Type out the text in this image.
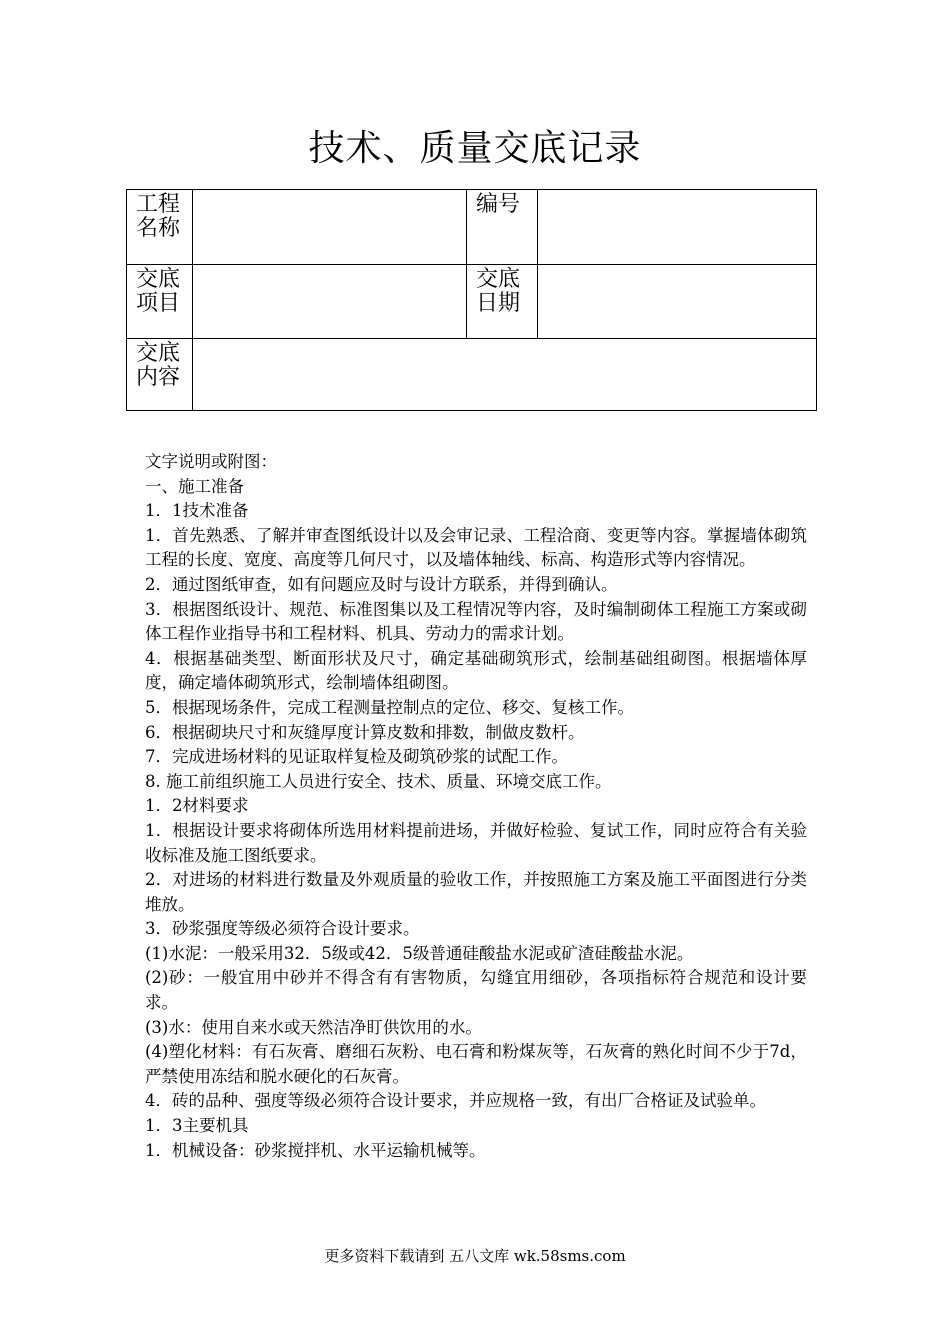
技术、质量交底记录
工程名称		编号	

交底项目		交底日期	

交底内容			

文字说明或附图：

一、施工准备

1．1技术准备

1．首先熟悉、了解并审查图纸设计以及会审记录、工程洽商、变更等内容。掌握墙体砌筑工程的长度、宽度、高度等几何尺寸，以及墙体轴线、标高、构造形式等内容情况。

2．通过图纸审查，如有问题应及时与设计方联系，并得到确认。

3．根据图纸设计、规范、标准图集以及工程情况等内容，及时编制砌体工程施工方案或砌体工程作业指导书和工程材料、机具、劳动力的需求计划。

4．根据基础类型、断面形状及尺寸，确定基础砌筑形式，绘制基础组砌图。根据墙体厚度，确定墙体砌筑形式，绘制墙体组砌图。

5．根据现场条件，完成工程测量控制点的定位、移交、复核工作。

6．根据砌块尺寸和灰缝厚度计算皮数和排数，制做皮数杆。

7．完成进场材料的见证取样复检及砌筑砂浆的试配工作。

8. 施工前组织施工人员进行安全、技术、质量、环境交底工作。

1．2材料要求

1．根据设计要求将砌体所选用材料提前进场，并做好检验、复试工作，同时应符合有关验收标准及施工图纸要求。

2．对进场的材料进行数量及外观质量的验收工作，并按照施工方案及施工平面图进行分类堆放。

3．砂浆强度等级必须符合设计要求。

(1)水泥：一般采用32．5级或42．5级普通硅酸盐水泥或矿渣硅酸盐水泥。

(2)砂：一般宜用中砂并不得含有有害物质，勾缝宜用细砂，各项指标符合规范和设计要求。

(3)水：使用自来水或天然洁净盯供饮用的水。

(4)塑化材料：有石灰膏、磨细石灰粉、电石膏和粉煤灰等，石灰膏的熟化时间不少于7d，严禁使用冻结和脱水硬化的石灰膏。

4．砖的品种、强度等级必须符合设计要求，并应规格一致，有出厂合格证及试验单。

1．3主要机具

1．机械设备：砂浆搅拌机、水平运输机械等。

更多资料下载请到 五八文库 wk.58sms.com
